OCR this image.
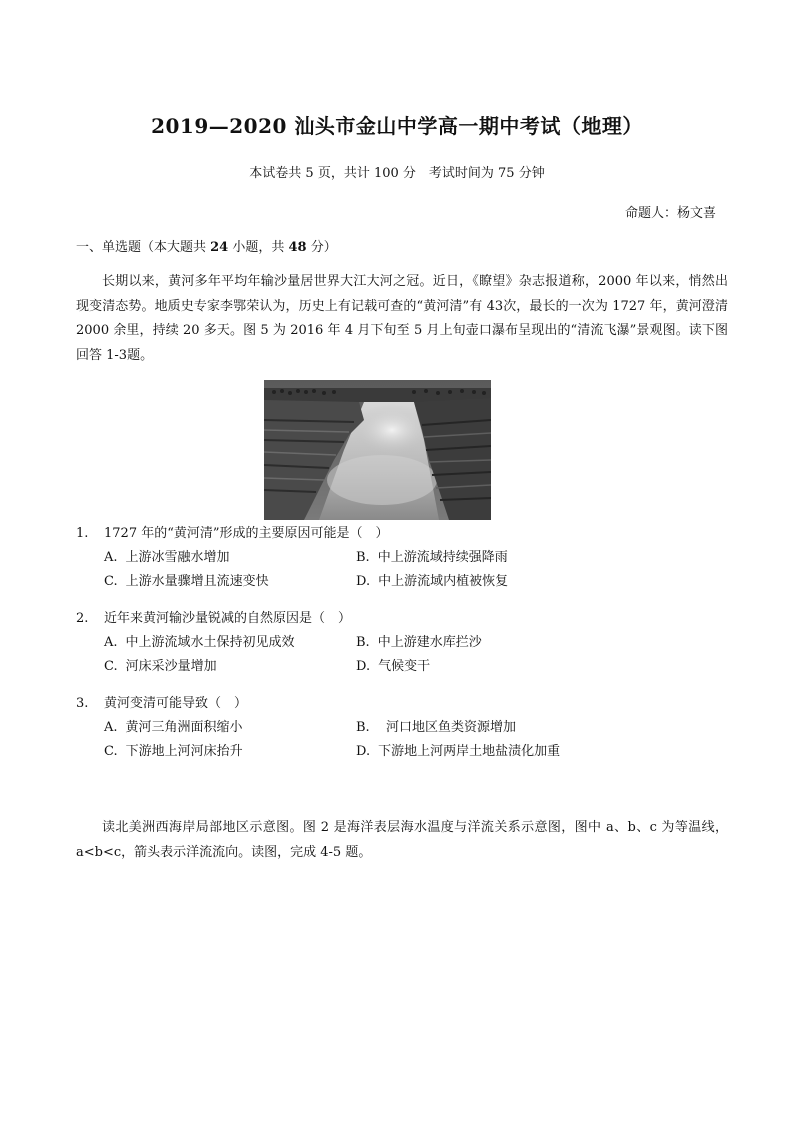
2019—2020 汕头市金山中学高一期中考试（地理）
本试卷共 5 页，共计 100 分　考试时间为 75 分钟
命题人：杨文喜
一、单选题（本大题共 24 小题，共 48 分）
长期以来，黄河多年平均年输沙量居世界大江大河之冠。近日，《瞭望》杂志报道称，2000 年以来，悄然出现变清态势。地质史专家李鄂荣认为，历史上有记载可查的“黄河清”有 43次，最长的一次为 1727 年，黄河澄清 2000 余里，持续 20 多天。图 5 为 2016 年 4 月下旬至 5 月上旬壶口瀑布呈现出的“清流飞瀑”景观图。读下图回答 1-3题。
1. 1727 年的“黄河清”形成的主要原因可能是（　）
A. 上游冰雪融水增加	B. 中上游流域持续强降雨
C. 上游水量骤增且流速变快	D. 中上游流域内植被恢复
2. 近年来黄河输沙量锐减的自然原因是（　）
A. 中上游流域水土保持初见成效	B. 中上游建水库拦沙
C. 河床采沙量增加	D. 气候变干
3. 黄河变清可能导致（　）
A. 黄河三角洲面积缩小	B.  河口地区鱼类资源增加
C. 下游地上河河床抬升	D. 下游地上河两岸土地盐渍化加重
读北美洲西海岸局部地区示意图。图 2 是海洋表层海水温度与洋流关系示意图，图中 a、b、c 为等温线，a<b<c，箭头表示洋流流向。读图，完成 4-5 题。
